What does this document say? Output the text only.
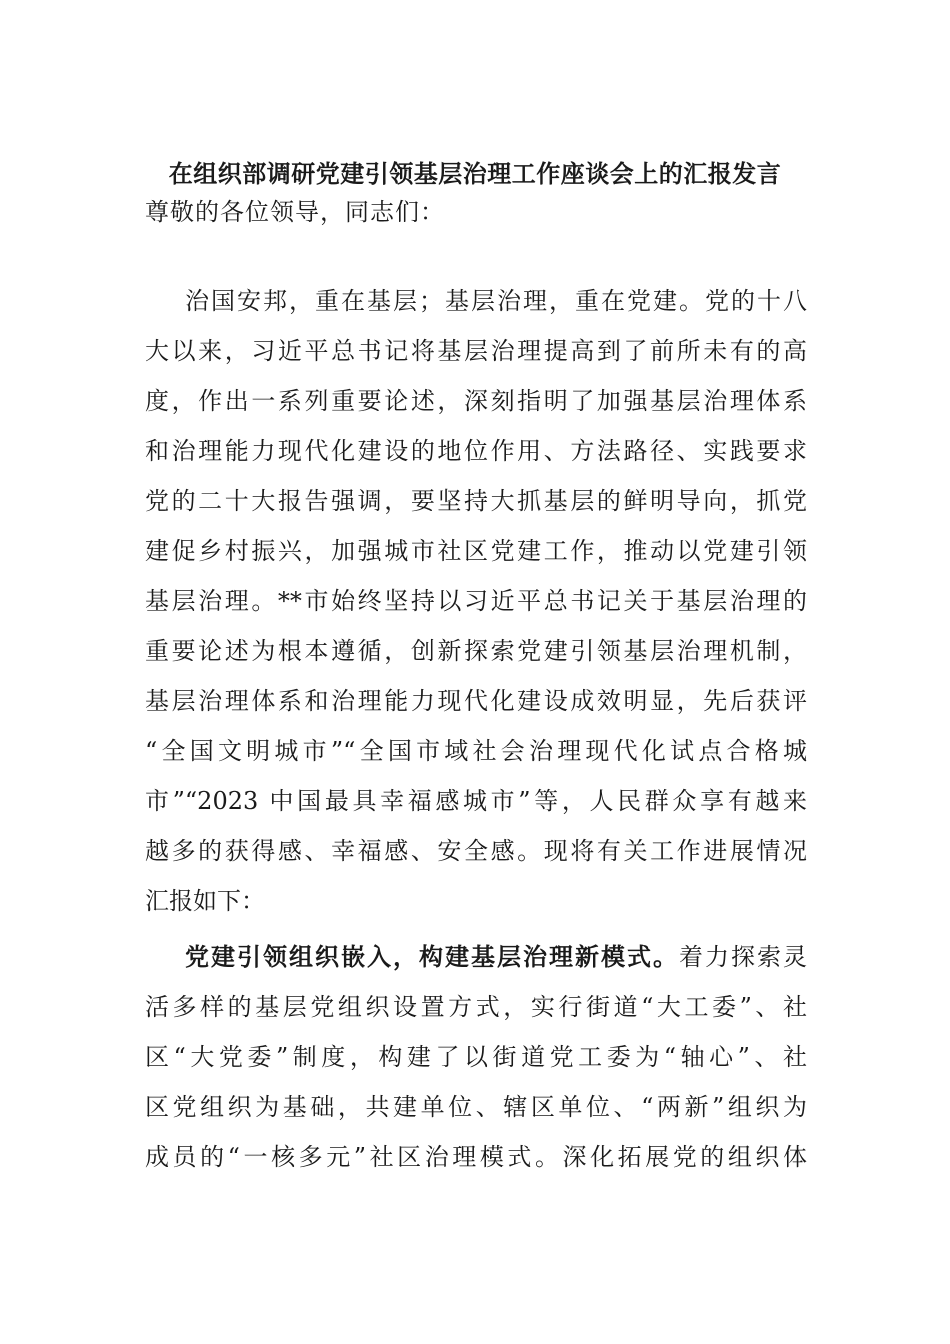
在组织部调研党建引领基层治理工作座谈会上的汇报发言
尊敬的各位领导，同志们：
治国安邦，重在基层；基层治理，重在党建。党的十八
大以来，习近平总书记将基层治理提高到了前所未有的高
度，作出一系列重要论述，深刻指明了加强基层治理体系
和治理能力现代化建设的地位作用、方法路径、实践要求
党的二十大报告强调，要坚持大抓基层的鲜明导向，抓党
建促乡村振兴，加强城市社区党建工作，推动以党建引领
基层治理。**市始终坚持以习近平总书记关于基层治理的
重要论述为根本遵循，创新探索党建引领基层治理机制，
基层治理体系和治理能力现代化建设成效明显，先后获评
“全国文明城市”“全国市域社会治理现代化试点合格城
市”“2023 中国最具幸福感城市”等，人民群众享有越来
越多的获得感、幸福感、安全感。现将有关工作进展情况
汇报如下：
党建引领组织嵌入，构建基层治理新模式。着力探索灵
活多样的基层党组织设置方式，实行街道“大工委”、社
区“大党委”制度，构建了以街道党工委为“轴心”、社
区党组织为基础，共建单位、辖区单位、“两新”组织为
成员的“一核多元”社区治理模式。深化拓展党的组织体
